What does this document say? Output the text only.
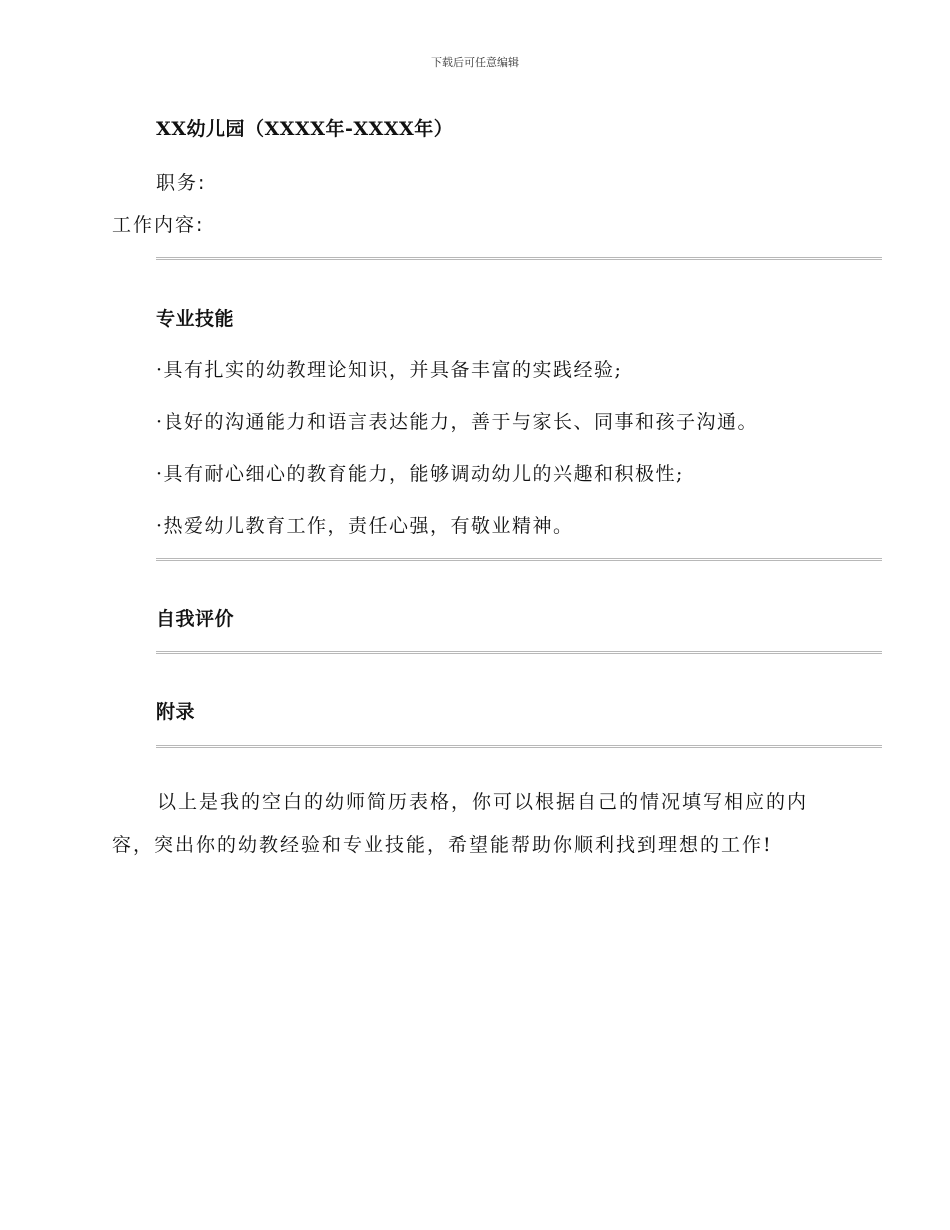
下载后可任意编辑
XX幼儿园（XXXX年-XXXX年）
职务:
工作内容:
专业技能
·具有扎实的幼教理论知识，并具备丰富的实践经验;
·良好的沟通能力和语言表达能力，善于与家长、同事和孩子沟通。
·具有耐心细心的教育能力，能够调动幼儿的兴趣和积极性;
·热爱幼儿教育工作，责任心强，有敬业精神。
自我评价
附录
以上是我的空白的幼师简历表格，你可以根据自己的情况填写相应的内容，突出你的幼教经验和专业技能，希望能帮助你顺利找到理想的工作!
